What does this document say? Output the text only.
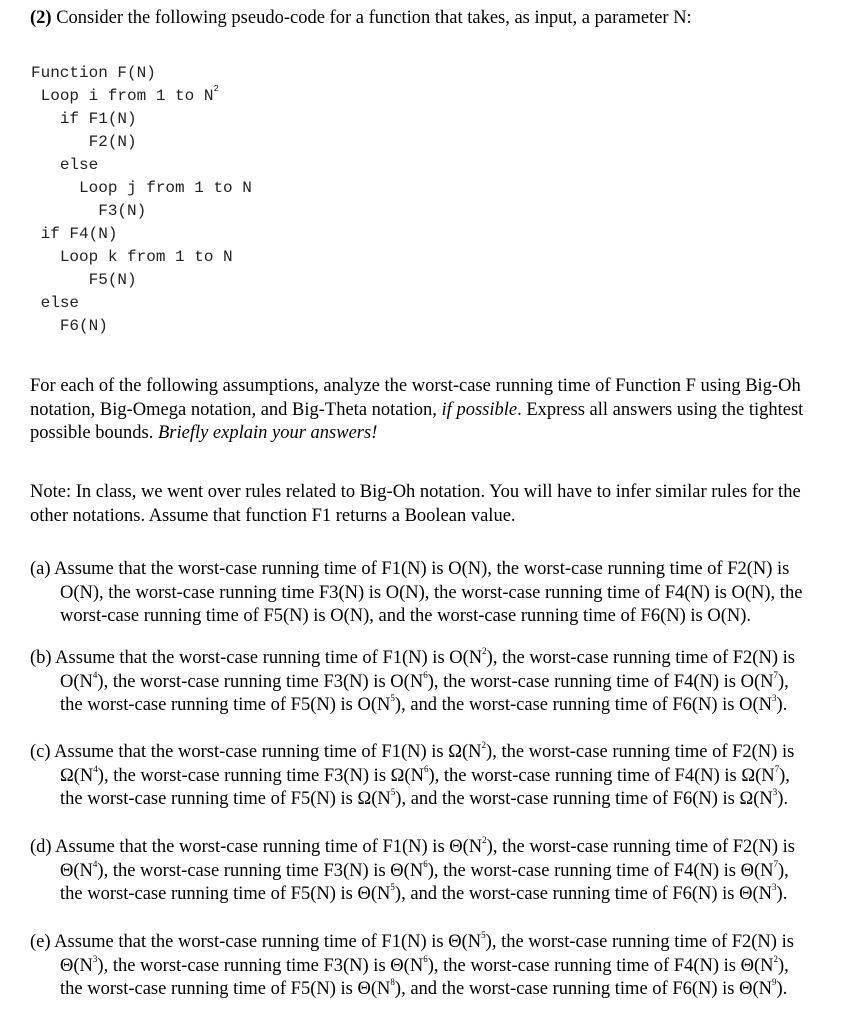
(2) Consider the following pseudo-code for a function that takes, as input, a parameter N:
Function F(N)
Loop i from 1 to $N^2$
if F1(N)
F2(N)
else
Loop j from 1 to N
F3(N)
if F4(N)
Loop k from 1 to N
F5(N)
else
F6(N)
For each of the following assumptions, analyze the worst-case running time of Function F using Big-Oh
notation, Big-Omega notation, and Big-Theta notation, if possible. Express all answers using the tightest
possible bounds. Briefly explain your answers!
Note: In class, we went over rules related to Big-Oh notation. You will have to infer similar rules for the
other notations. Assume that function F1 returns a Boolean value.
(a) Assume that the worst-case running time of F1(N) is O(N), the worst-case running time of F2(N) is
O(N), the worst-case running time F3(N) is O(N), the worst-case running time of F4(N) is O(N), the
worst-case running time of F5(N) is O(N), and the worst-case running time of F6(N) is O(N).
(b) Assume that the worst-case running time of F1(N) is $O(N^2)$, the worst-case running time of F2(N) is
$O(N^4)$, the worst-case running time F3(N) is $O(N^6)$, the worst-case running time of F4(N) is $O(N^7)$,
the worst-case running time of F5(N) is $O(N^5)$, and the worst-case running time of F6(N) is $O(N^3)$.
(c) Assume that the worst-case running time of F1(N) is $\Omega(N^2)$, the worst-case running time of F2(N) is
$\Omega(N^4)$, the worst-case running time F3(N) is $\Omega(N^6)$, the worst-case running time of F4(N) is $\Omega(N^7)$,
the worst-case running time of F5(N) is $\Omega(N^5)$, and the worst-case running time of F6(N) is $\Omega(N^3)$.
(d) Assume that the worst-case running time of F1(N) is $\Theta(N^2)$, the worst-case running time of F2(N) is
$\Theta(N^4)$, the worst-case running time F3(N) is $\Theta(N^6)$, the worst-case running time of F4(N) is $\Theta(N^7)$,
the worst-case running time of F5(N) is $\Theta(N^5)$, and the worst-case running time of F6(N) is $\Theta(N^3)$.
(e) Assume that the worst-case running time of F1(N) is $\Theta(N^5)$, the worst-case running time of F2(N) is
$\Theta(N^3)$, the worst-case running time F3(N) is $\Theta(N^6)$, the worst-case running time of F4(N) is $\Theta(N^2)$,
the worst-case running time of F5(N) is $\Theta(N^8)$, and the worst-case running time of F6(N) is $\Theta(N^9)$.
